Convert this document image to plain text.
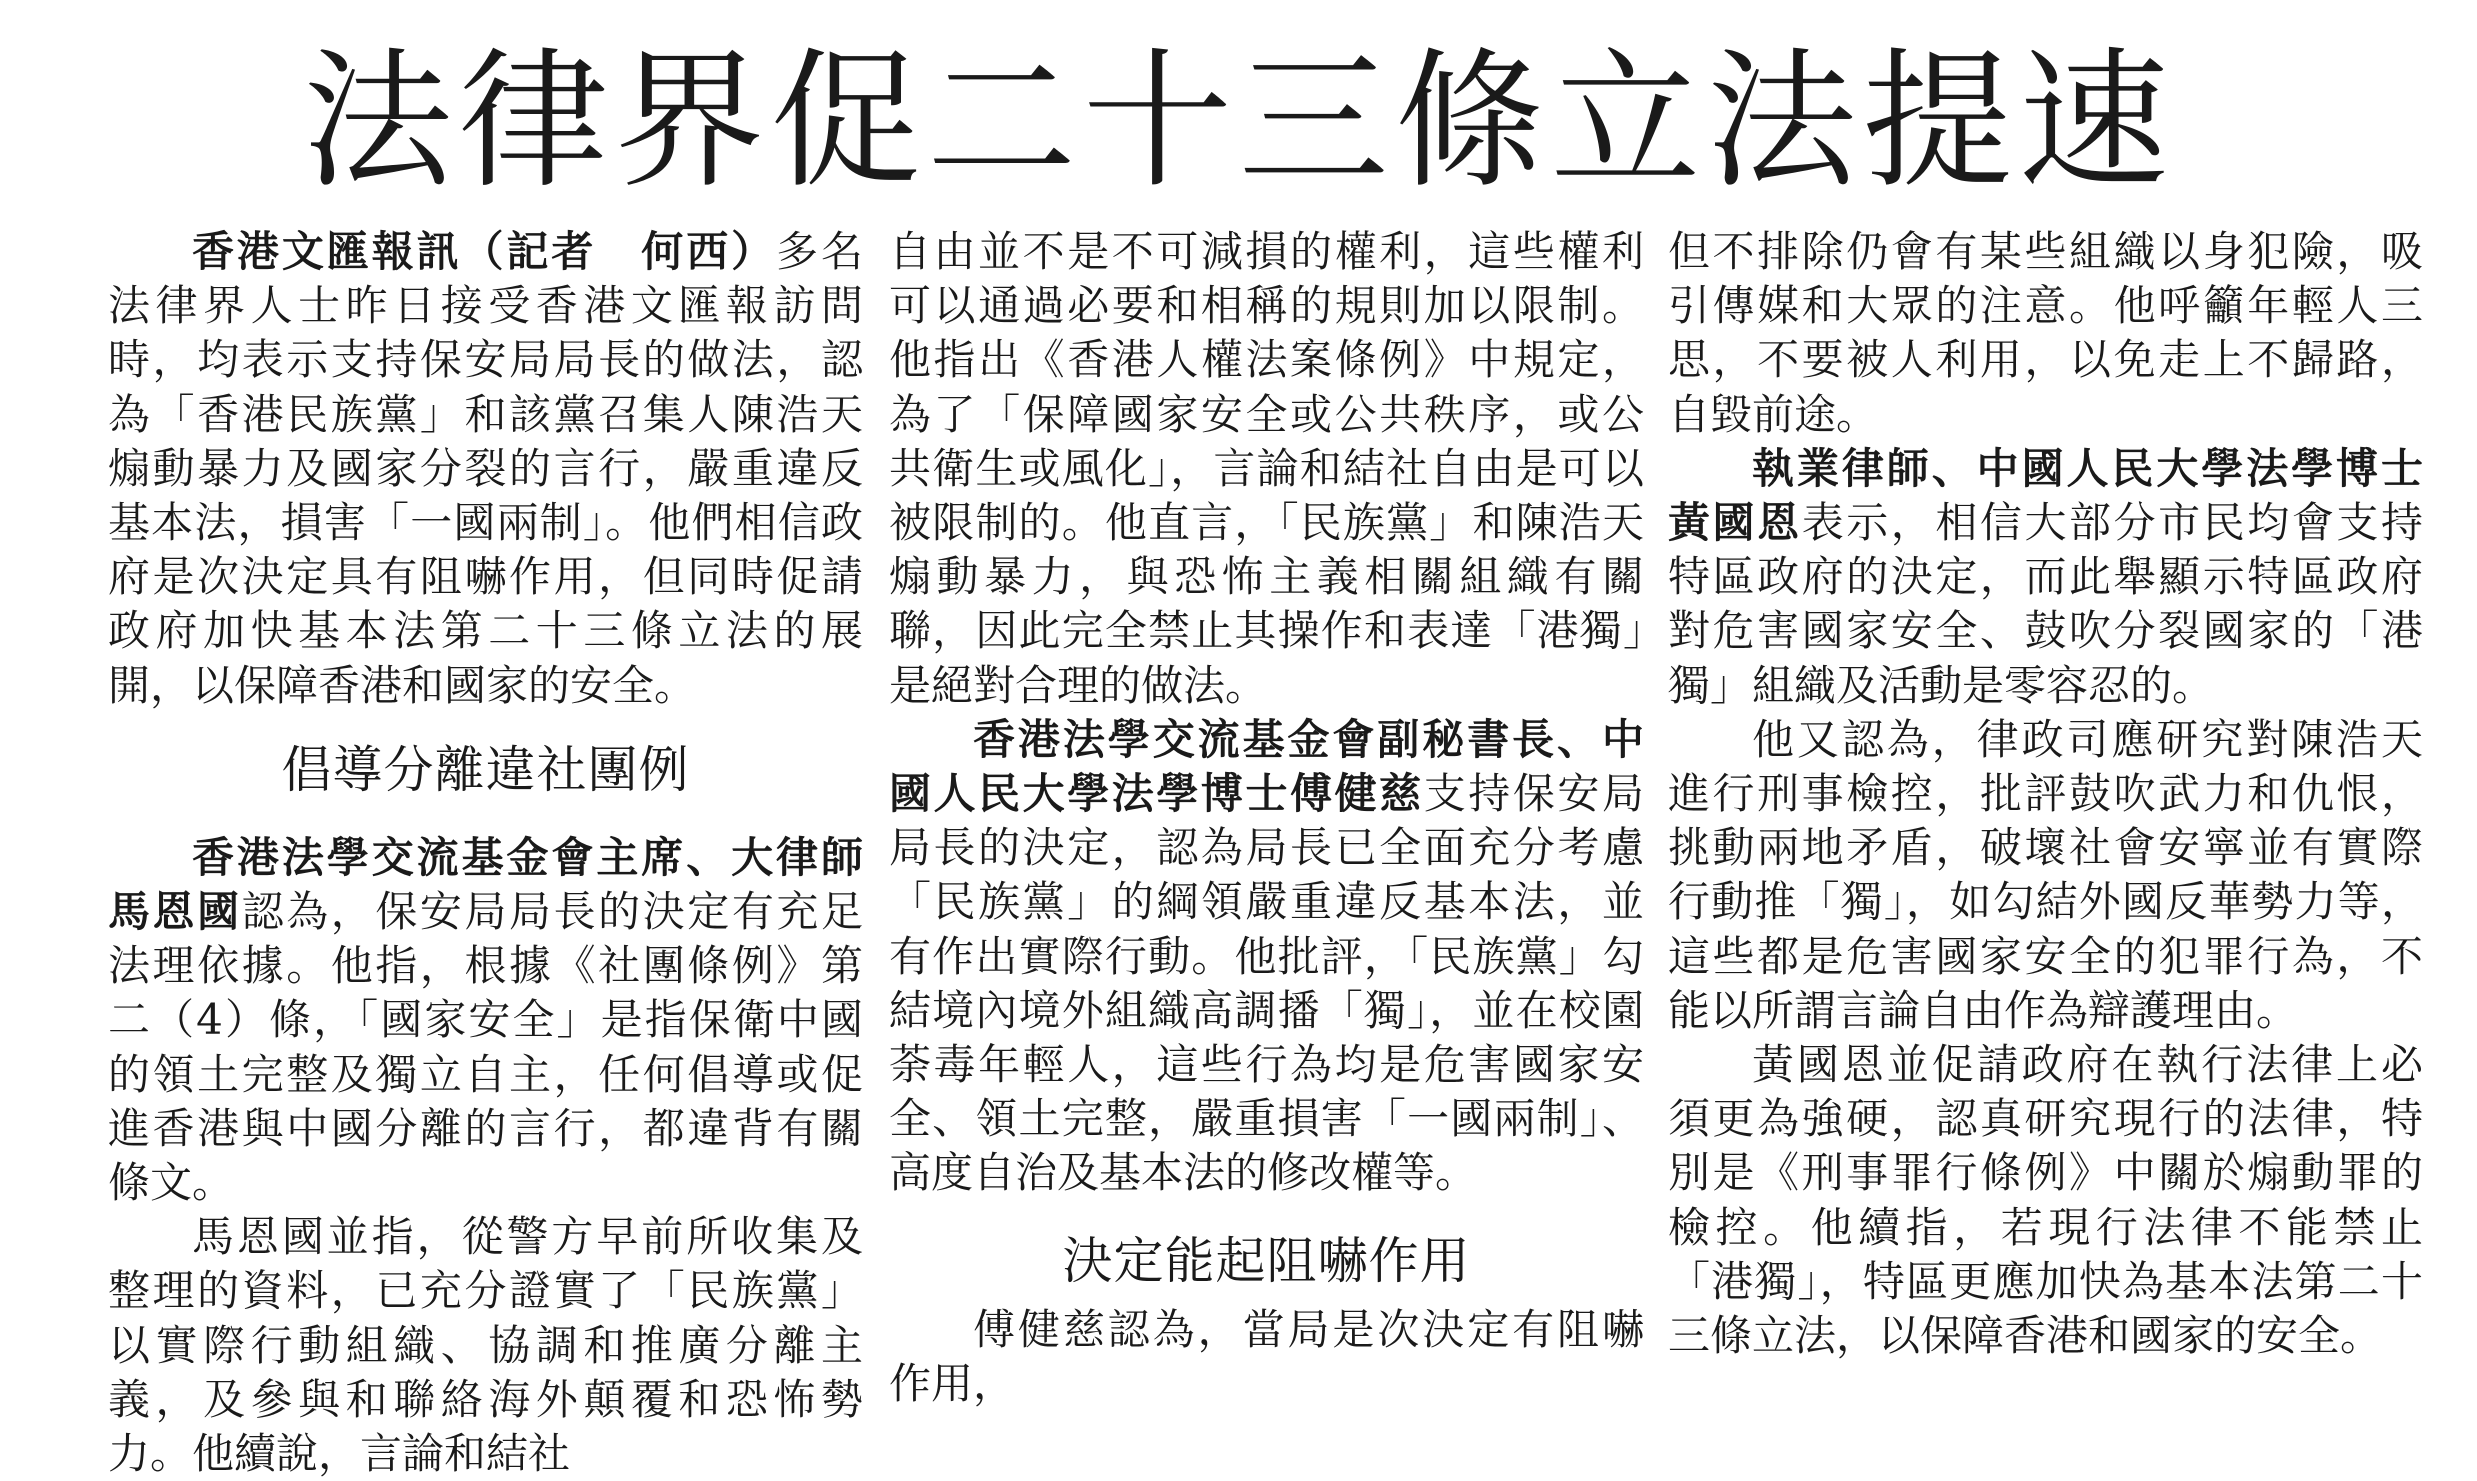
法律界促二十三條立法提速

香港文匯報訊（記者　何西）多名法律界人士昨日接受香港文匯報訪問時，均表示支持保安局局長的做法，認為「香港民族黨」和該黨召集人陳浩天煽動暴力及國家分裂的言行，嚴重違反基本法，損害「一國兩制」。他們相信政府是次決定具有阻嚇作用，但同時促請政府加快基本法第二十三條立法的展開，以保障香港和國家的安全。

倡導分離違社團例

香港法學交流基金會主席、大律師馬恩國認為，保安局局長的決定有充足法理依據。他指，根據《社團條例》第二（4）條，「國家安全」是指保衛中國的領土完整及獨立自主，任何倡導或促進香港與中國分離的言行，都違背有關條文。

馬恩國並指，從警方早前所收集及整理的資料，已充分證實了「民族黨」以實際行動組織、協調和推廣分離主義，及參與和聯絡海外顛覆和恐怖勢力。他續說，言論和結社

自由並不是不可減損的權利，這些權利可以通過必要和相稱的規則加以限制。他指出《香港人權法案條例》中規定，為了「保障國家安全或公共秩序，或公共衛生或風化」，言論和結社自由是可以被限制的。他直言，「民族黨」和陳浩天煽動暴力，與恐怖主義相關組織有關聯，因此完全禁止其操作和表達「港獨」是絕對合理的做法。

香港法學交流基金會副秘書長、中國人民大學法學博士傅健慈支持保安局局長的決定，認為局長已全面充分考慮「民族黨」的綱領嚴重違反基本法，並有作出實際行動。他批評，「民族黨」勾結境內境外組織高調播「獨」，並在校園荼毒年輕人，這些行為均是危害國家安全、領土完整，嚴重損害「一國兩制」、高度自治及基本法的修改權等。

決定能起阻嚇作用

傅健慈認為，當局是次決定有阻嚇作用，

但不排除仍會有某些組織以身犯險，吸引傳媒和大眾的注意。他呼籲年輕人三思，不要被人利用，以免走上不歸路，自毀前途。

執業律師、中國人民大學法學博士黃國恩表示，相信大部分市民均會支持特區政府的決定，而此舉顯示特區政府對危害國家安全、鼓吹分裂國家的「港獨」組織及活動是零容忍的。

他又認為，律政司應研究對陳浩天進行刑事檢控，批評鼓吹武力和仇恨，挑動兩地矛盾，破壞社會安寧並有實際行動推「獨」，如勾結外國反華勢力等，這些都是危害國家安全的犯罪行為，不能以所謂言論自由作為辯護理由。

黃國恩並促請政府在執行法律上必須更為強硬，認真研究現行的法律，特別是《刑事罪行條例》中關於煽動罪的檢控。他續指，若現行法律不能禁止「港獨」，特區更應加快為基本法第二十三條立法，以保障香港和國家的安全。
